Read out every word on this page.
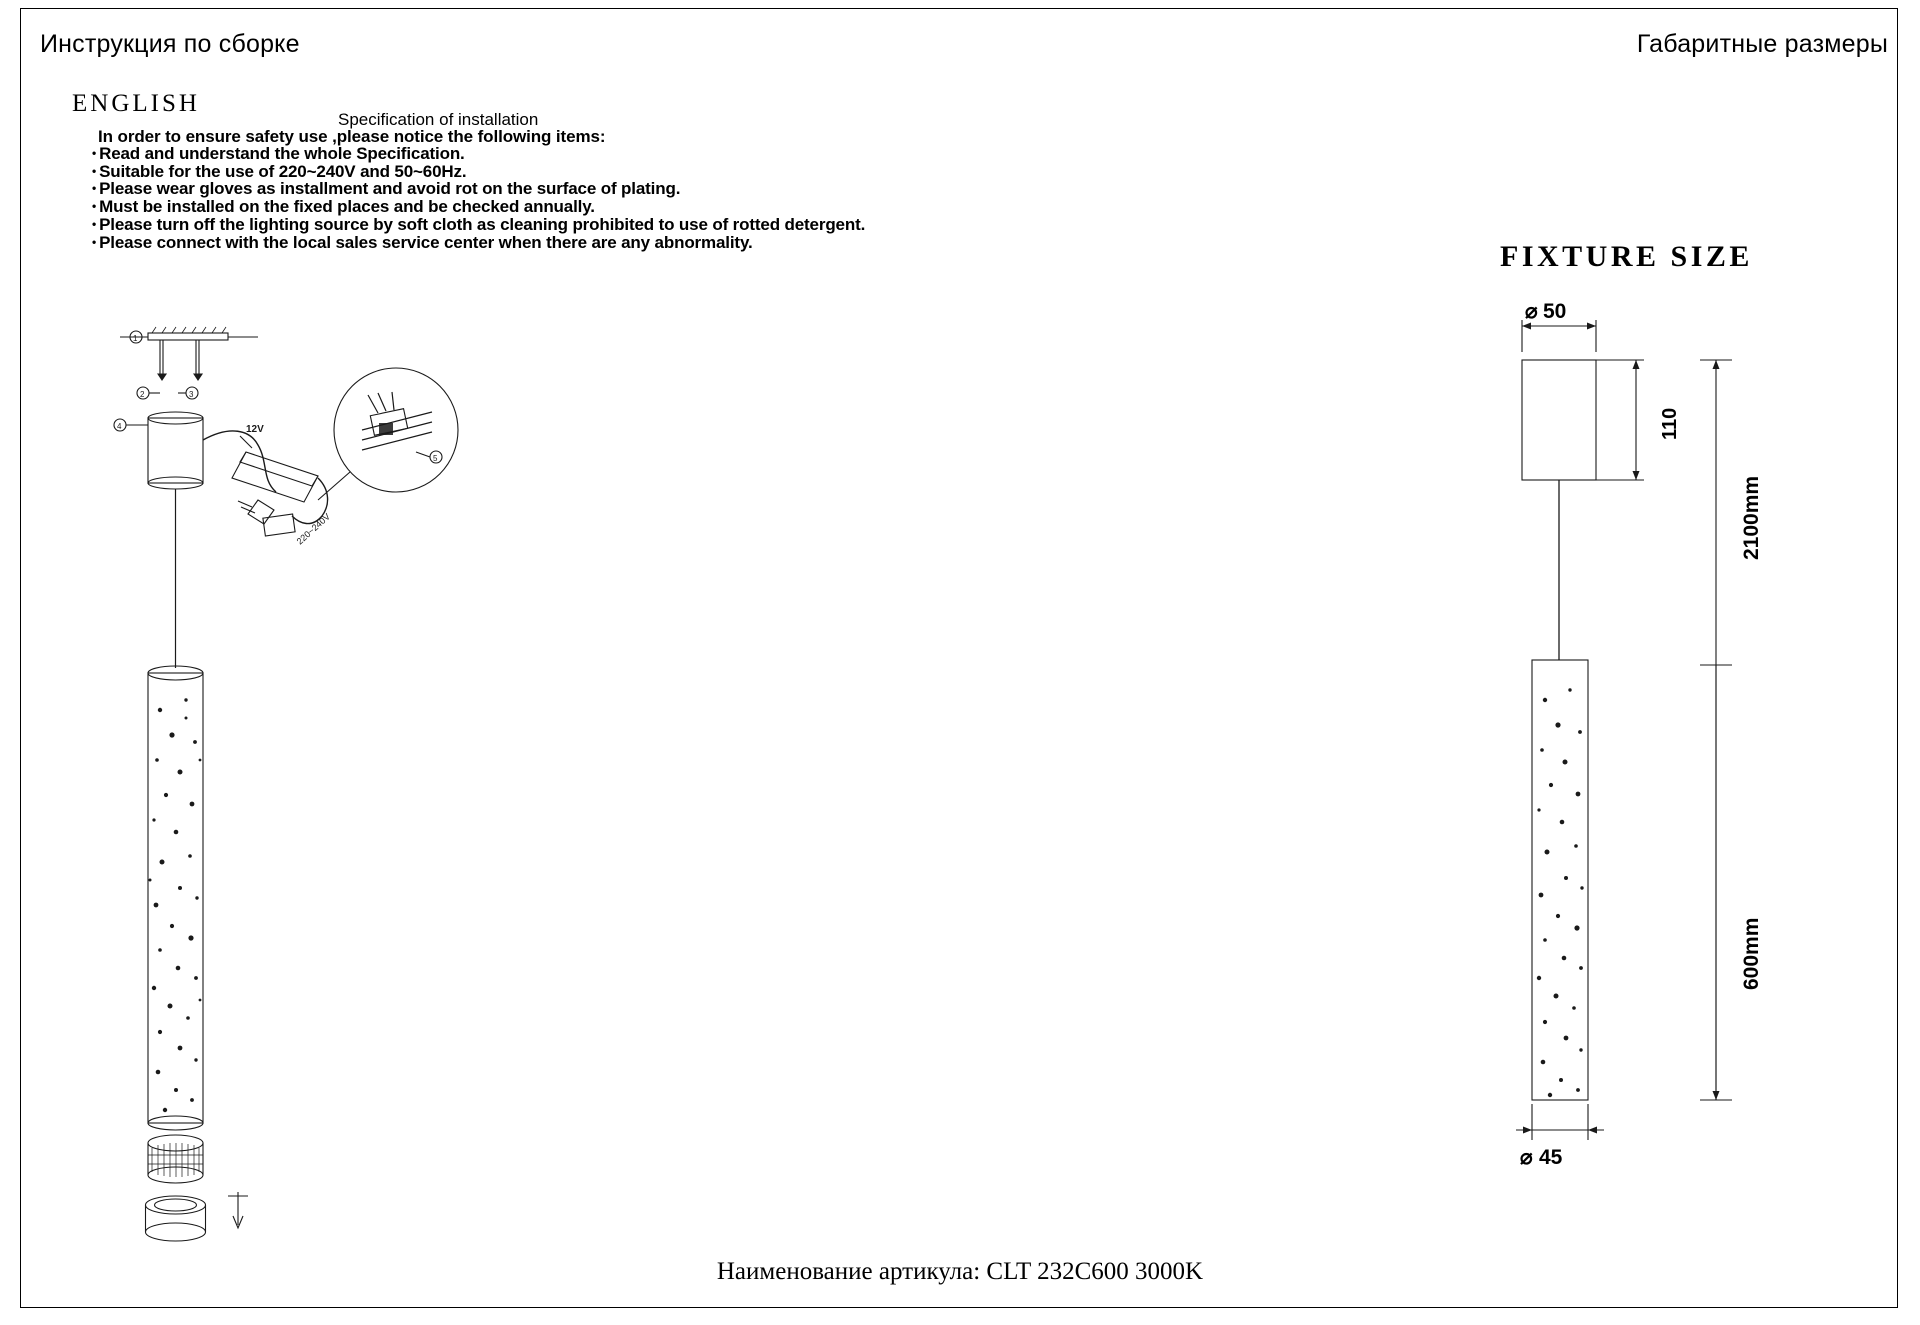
Инструкция по сборке	Габаритные размеры
ENGLISH
Specification of installation
In order to ensure safety use ,please notice the following items:
• Read and understand the whole Specification.
• Suitable for the use of 220~240V and 50~60Hz.
• Please wear gloves as installment and avoid rot on the surface of plating.
• Must be installed on the fixed places and be checked annually.
• Please turn off the lighting source by soft cloth as cleaning prohibited to use of rotted detergent.
• Please connect with the local sales service center when there are any abnormality.	FIXTURE SIZE
1
2	3
4	12V
220~240V
5
⌀ 50
110
2100mm
600mm
⌀ 45
Наименование артикула: CLT 232C600 3000K
